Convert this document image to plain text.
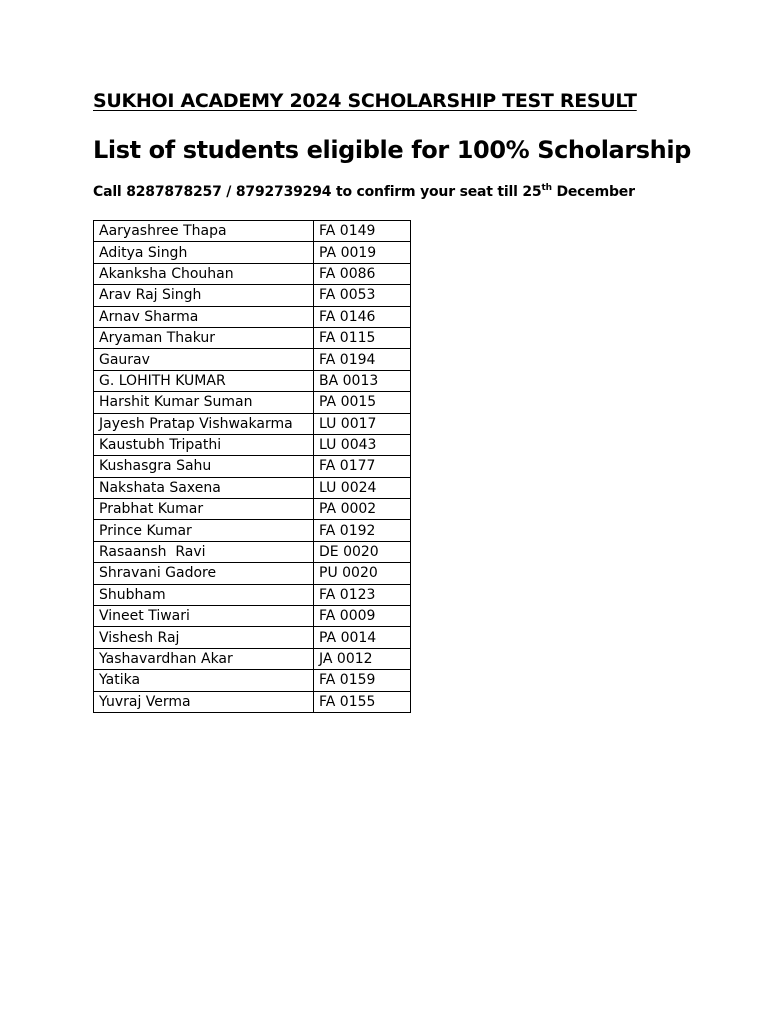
SUKHOI ACADEMY 2024 SCHOLARSHIP TEST RESULT
List of students eligible for 100% Scholarship
Call 8287878257 / 8792739294 to confirm your seat till 25th December
Aaryashree Thapa	FA 0149
Aditya Singh	PA 0019
Akanksha Chouhan	FA 0086
Arav Raj Singh	FA 0053
Arnav Sharma	FA 0146
Aryaman Thakur	FA 0115
Gaurav	FA 0194
G. LOHITH KUMAR	BA 0013
Harshit Kumar Suman	PA 0015
Jayesh Pratap Vishwakarma	LU 0017
Kaustubh Tripathi	LU 0043
Kushasgra Sahu	FA 0177
Nakshata Saxena	LU 0024
Prabhat Kumar	PA 0002
Prince Kumar	FA 0192
Rasaansh  Ravi	DE 0020
Shravani Gadore	PU 0020
Shubham	FA 0123
Vineet Tiwari	FA 0009
Vishesh Raj	PA 0014
Yashavardhan Akar	JA 0012
Yatika	FA 0159
Yuvraj Verma	FA 0155
